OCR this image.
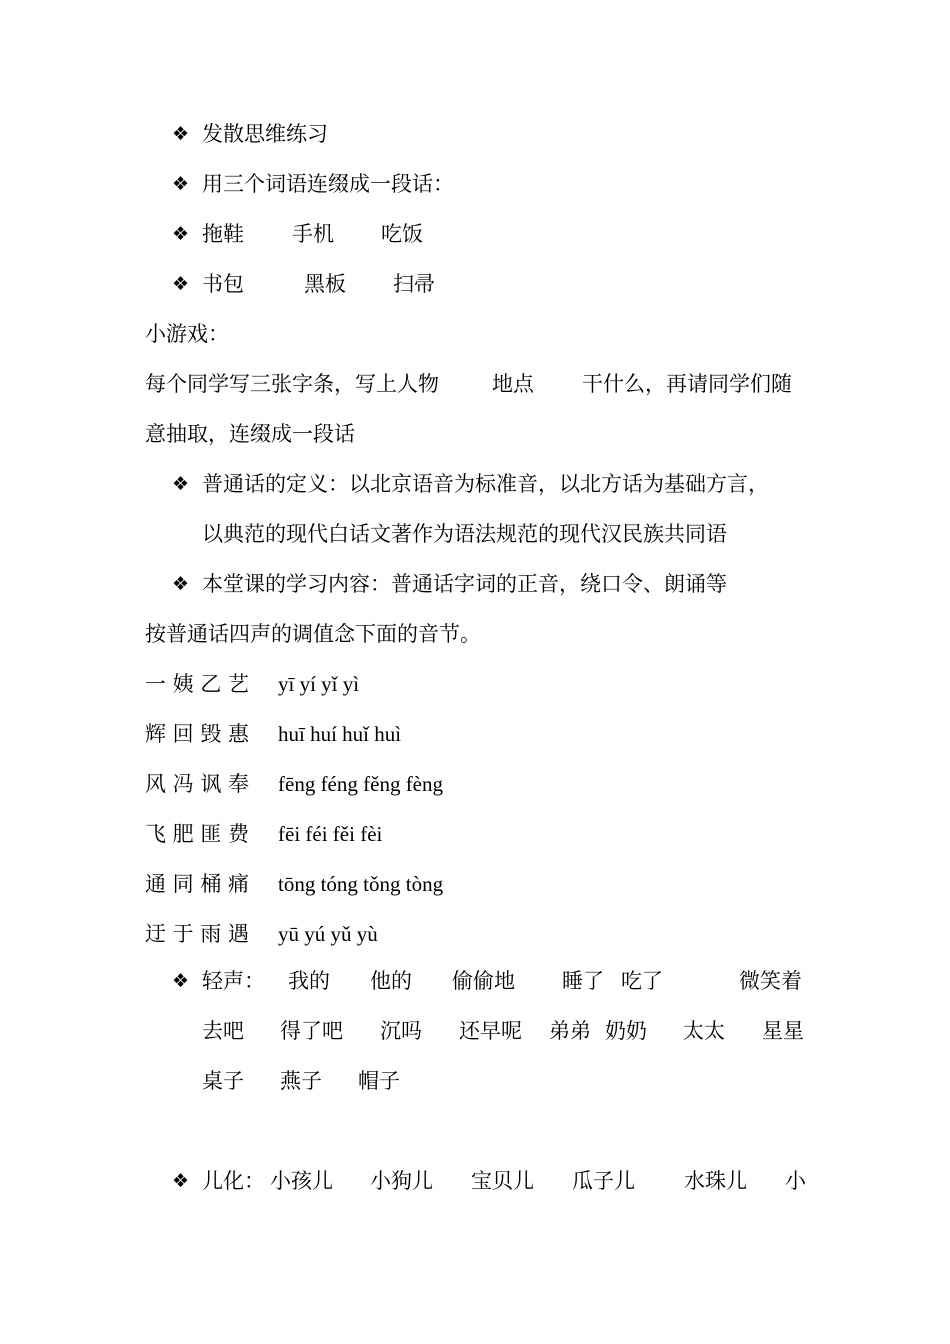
❖ 发散思维练习
❖ 用三个词语连缀成一段话：
❖ 拖鞋 手机 吃饭
❖ 书包	黑板 扫帚
小游戏：
每个同学写三张字条，写上人物	地点 干什么，再请同学们随
意抽取，连缀成一段话
❖ 普通话的定义：以北京语音为标准音，以北方话为基础方言，
以典范的现代白话文著作为语法规范的现代汉民族共同语
❖ 本堂课的学习内容：普通话字词的正音，绕口令、朗诵等
按普通话四声的调值念下面的音节。
一 姨 乙 艺 yī yí yǐ yì
辉 回 毁 惠 huī huí huǐ huì
风 冯 讽 奉 fēng féng fěng fèng
飞 肥 匪 费 fēi féi fěi fèi
通 同 桶 痛 tōng tóng tǒng tòng
迂 于 雨 遇 yū yú yǔ yù
❖ 轻声： 我的 他的 偷偷地 睡了 吃了	微笑着
去吧 得了吧 沉吗 还早呢 弟弟 奶奶 太太 星星
桌子 燕子 帽子
❖ 儿化： 小孩儿 小狗儿 宝贝儿 瓜子儿 水珠儿 小
